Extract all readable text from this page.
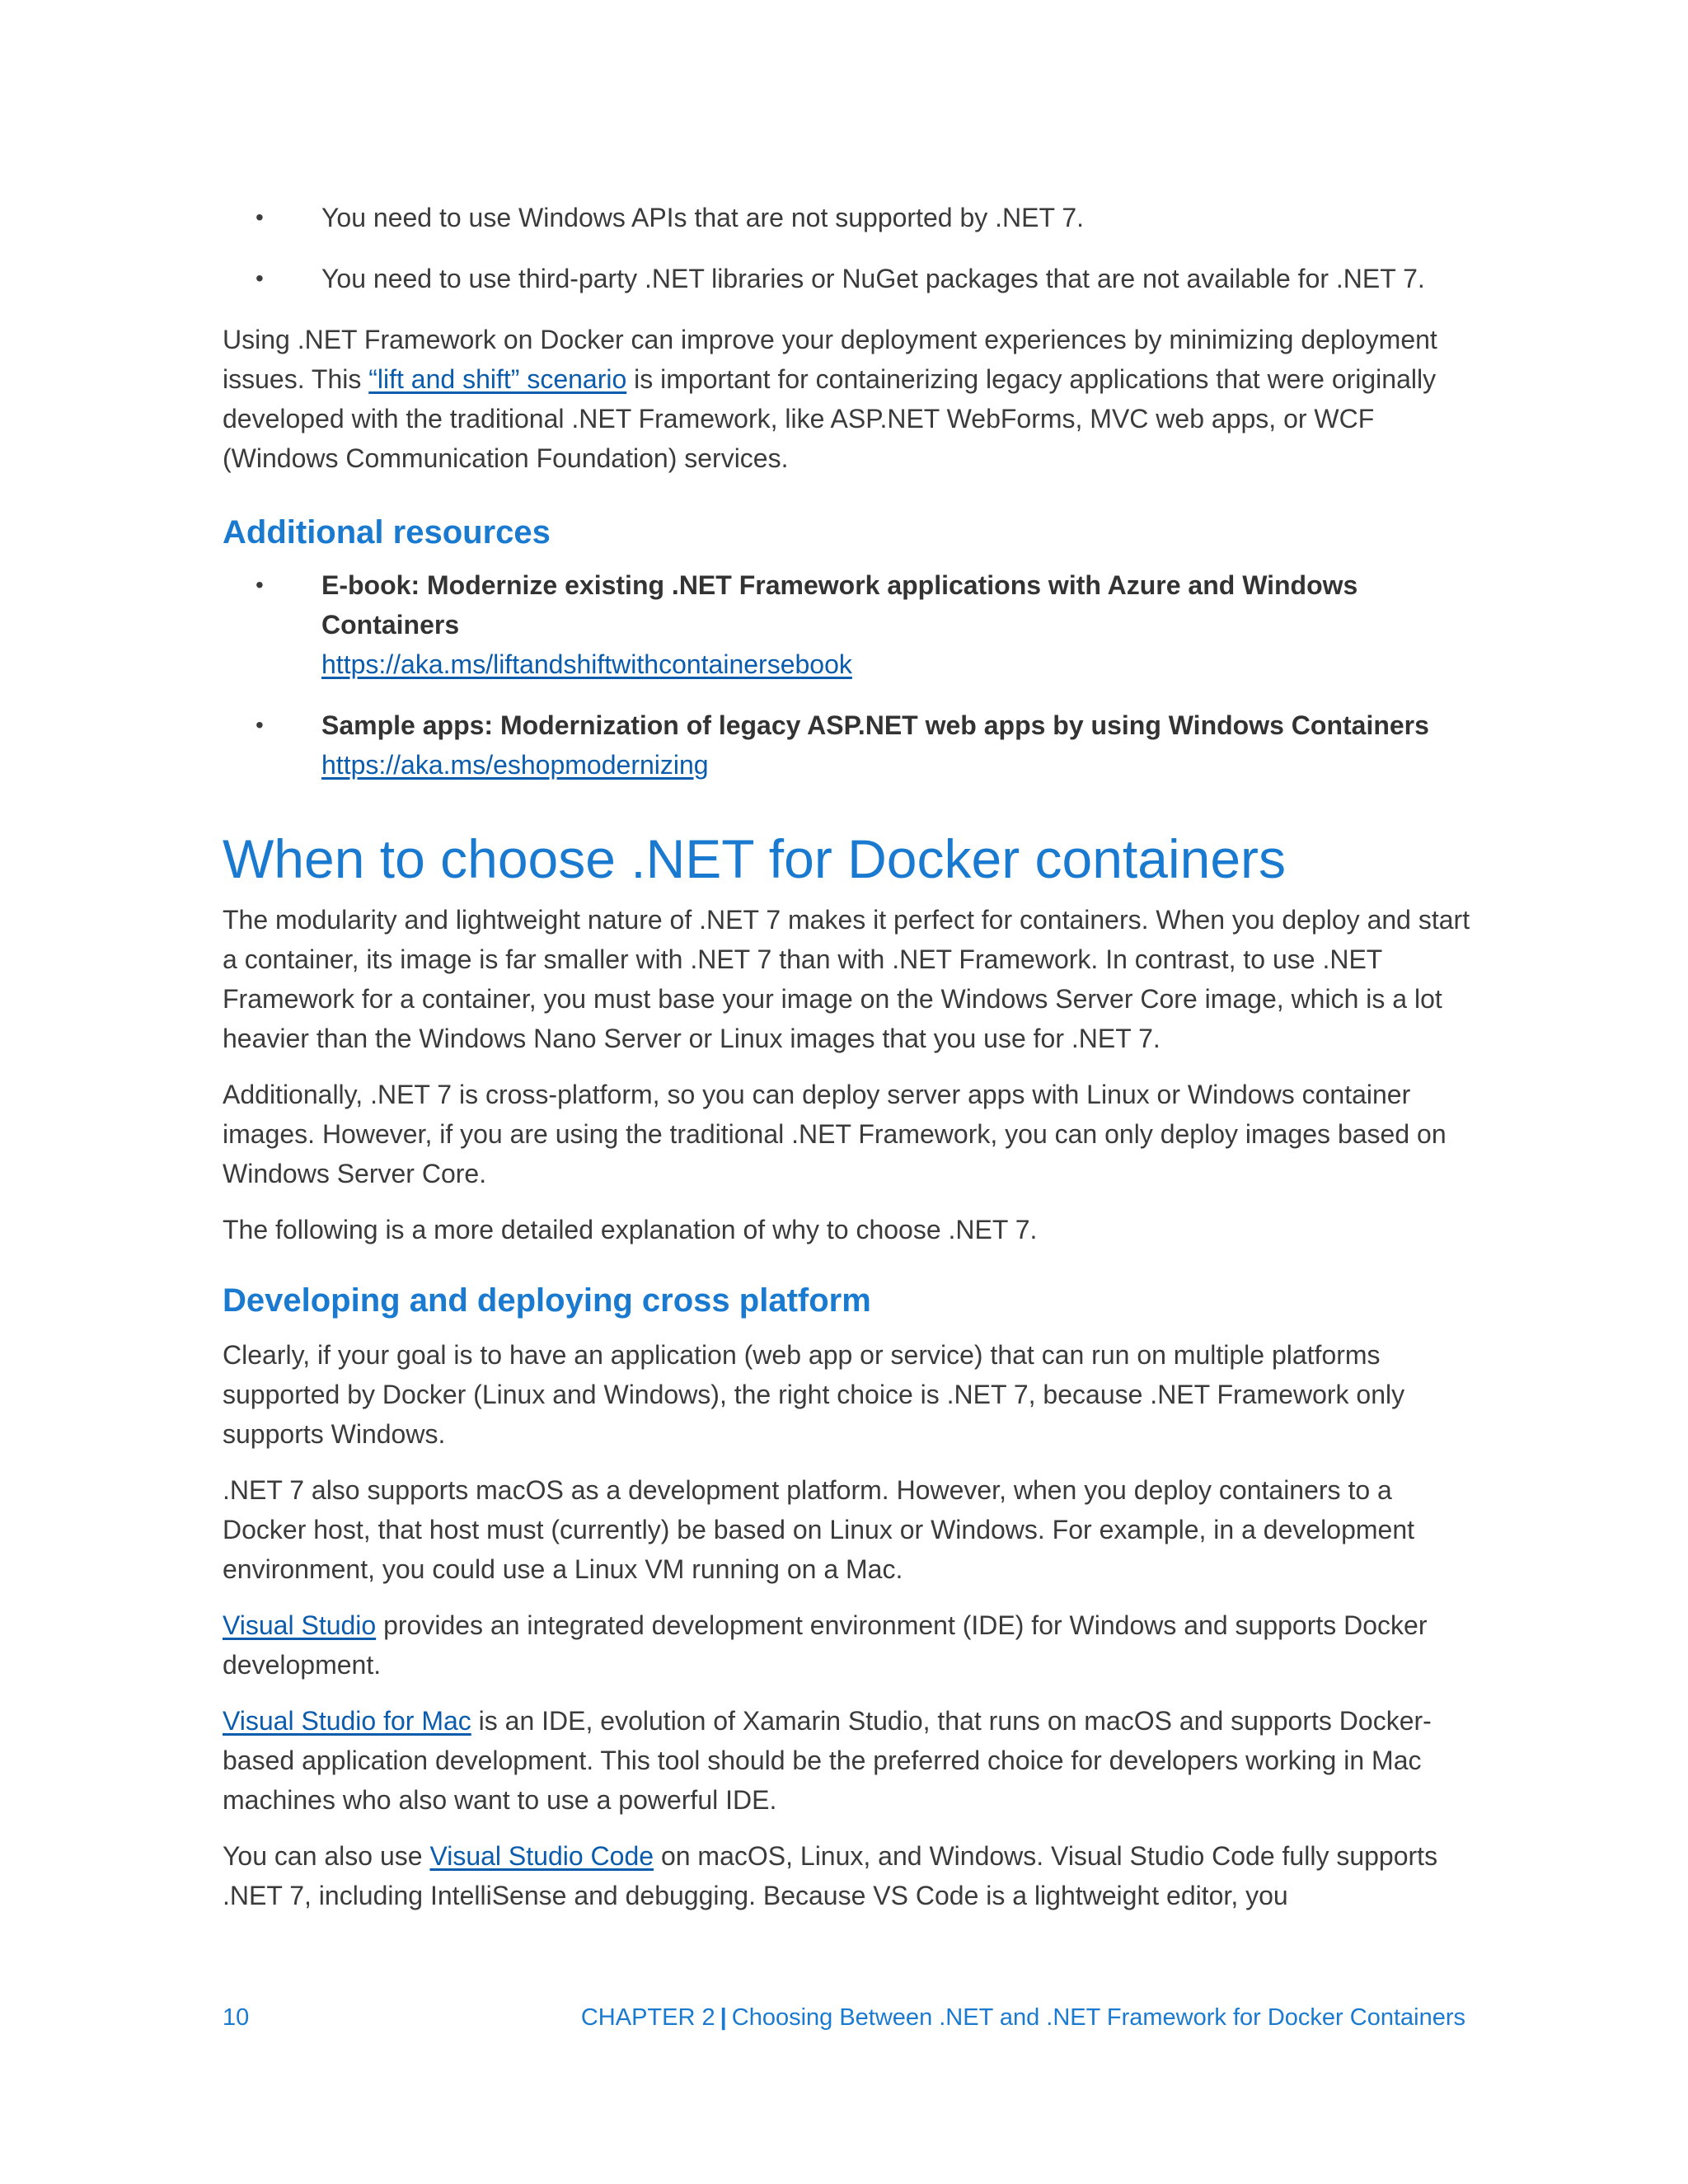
• You need to use Windows APIs that are not supported by .NET 7.
• You need to use third-party .NET libraries or NuGet packages that are not available for .NET 7.

Using .NET Framework on Docker can improve your deployment experiences by minimizing deployment issues. This “lift and shift” scenario is important for containerizing legacy applications that were originally developed with the traditional .NET Framework, like ASP.NET WebForms, MVC web apps, or WCF (Windows Communication Foundation) services.

Additional resources
• E-book: Modernize existing .NET Framework applications with Azure and Windows Containers
https://aka.ms/liftandshiftwithcontainersebook
• Sample apps: Modernization of legacy ASP.NET web apps by using Windows Containers
https://aka.ms/eshopmodernizing
When to choose .NET for Docker containers

The modularity and lightweight nature of .NET 7 makes it perfect for containers. When you deploy and start a container, its image is far smaller with .NET 7 than with .NET Framework. In contrast, to use .NET Framework for a container, you must base your image on the Windows Server Core image, which is a lot heavier than the Windows Nano Server or Linux images that you use for .NET 7.

Additionally, .NET 7 is cross-platform, so you can deploy server apps with Linux or Windows container images. However, if you are using the traditional .NET Framework, you can only deploy images based on Windows Server Core.

The following is a more detailed explanation of why to choose .NET 7.

Developing and deploying cross platform

Clearly, if your goal is to have an application (web app or service) that can run on multiple platforms supported by Docker (Linux and Windows), the right choice is .NET 7, because .NET Framework only supports Windows.

.NET 7 also supports macOS as a development platform. However, when you deploy containers to a Docker host, that host must (currently) be based on Linux or Windows. For example, in a development environment, you could use a Linux VM running on a Mac.

Visual Studio provides an integrated development environment (IDE) for Windows and supports Docker development.

Visual Studio for Mac is an IDE, evolution of Xamarin Studio, that runs on macOS and supports Docker-based application development. This tool should be the preferred choice for developers working in Mac machines who also want to use a powerful IDE.

You can also use Visual Studio Code on macOS, Linux, and Windows. Visual Studio Code fully supports .NET 7, including IntelliSense and debugging. Because VS Code is a lightweight editor, you

10	CHAPTER 2 | Choosing Between .NET and .NET Framework for Docker Containers
